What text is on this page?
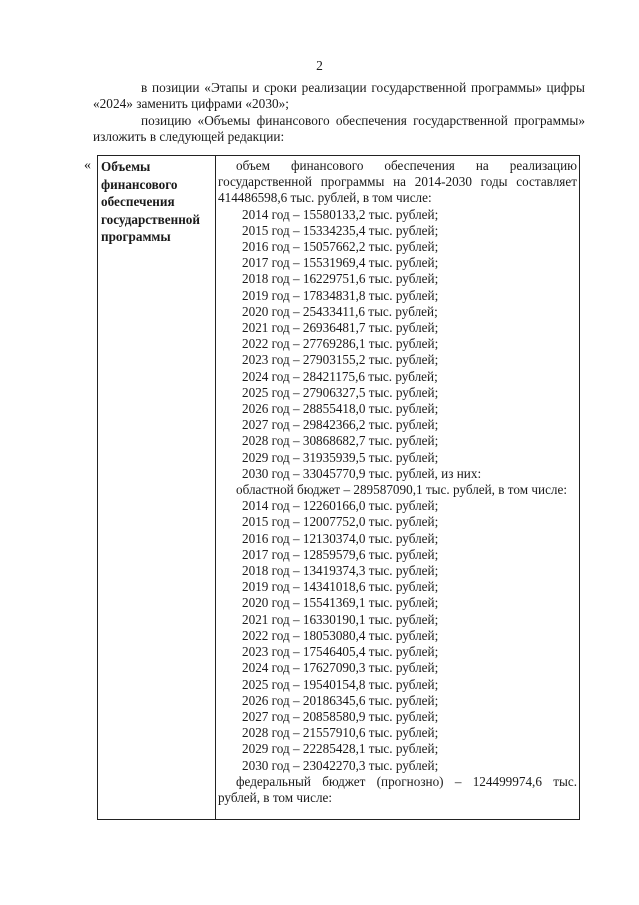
2

в позиции «Этапы и сроки реализации государственной программы» цифры «2024» заменить цифрами «2030»;

позицию «Объемы финансового обеспечения государственной программы» изложить в следующей редакции:

« Объемы
финансового
обеспечения
государственной
программы
объем финансового обеспечения на реализацию государственной программы на 2014-2030 годы составляет 414486598,6 тыс. рублей, в том числе:
2014 год – 15580133,2 тыс. рублей;
2015 год – 15334235,4 тыс. рублей;
2016 год – 15057662,2 тыс. рублей;
2017 год – 15531969,4 тыс. рублей;
2018 год – 16229751,6 тыс. рублей;
2019 год – 17834831,8 тыс. рублей;
2020 год – 25433411,6 тыс. рублей;
2021 год – 26936481,7 тыс. рублей;
2022 год – 27769286,1 тыс. рублей;
2023 год – 27903155,2 тыс. рублей;
2024 год – 28421175,6 тыс. рублей;
2025 год – 27906327,5 тыс. рублей;
2026 год – 28855418,0 тыс. рублей;
2027 год – 29842366,2 тыс. рублей;
2028 год – 30868682,7 тыс. рублей;
2029 год – 31935939,5 тыс. рублей;
2030 год – 33045770,9 тыс. рублей, из них:
областной бюджет – 289587090,1 тыс. рублей, в том числе:
2014 год – 12260166,0 тыс. рублей;
2015 год – 12007752,0 тыс. рублей;
2016 год – 12130374,0 тыс. рублей;
2017 год – 12859579,6 тыс. рублей;
2018 год – 13419374,3 тыс. рублей;
2019 год – 14341018,6 тыс. рублей;
2020 год – 15541369,1 тыс. рублей;
2021 год – 16330190,1 тыс. рублей;
2022 год – 18053080,4 тыс. рублей;
2023 год – 17546405,4 тыс. рублей;
2024 год – 17627090,3 тыс. рублей;
2025 год – 19540154,8 тыс. рублей;
2026 год – 20186345,6 тыс. рублей;
2027 год – 20858580,9 тыс. рублей;
2028 год – 21557910,6 тыс. рублей;
2029 год – 22285428,1 тыс. рублей;
2030 год – 23042270,3 тыс. рублей;
федеральный бюджет (прогнозно) – 124499974,6 тыс. рублей, в том числе:
